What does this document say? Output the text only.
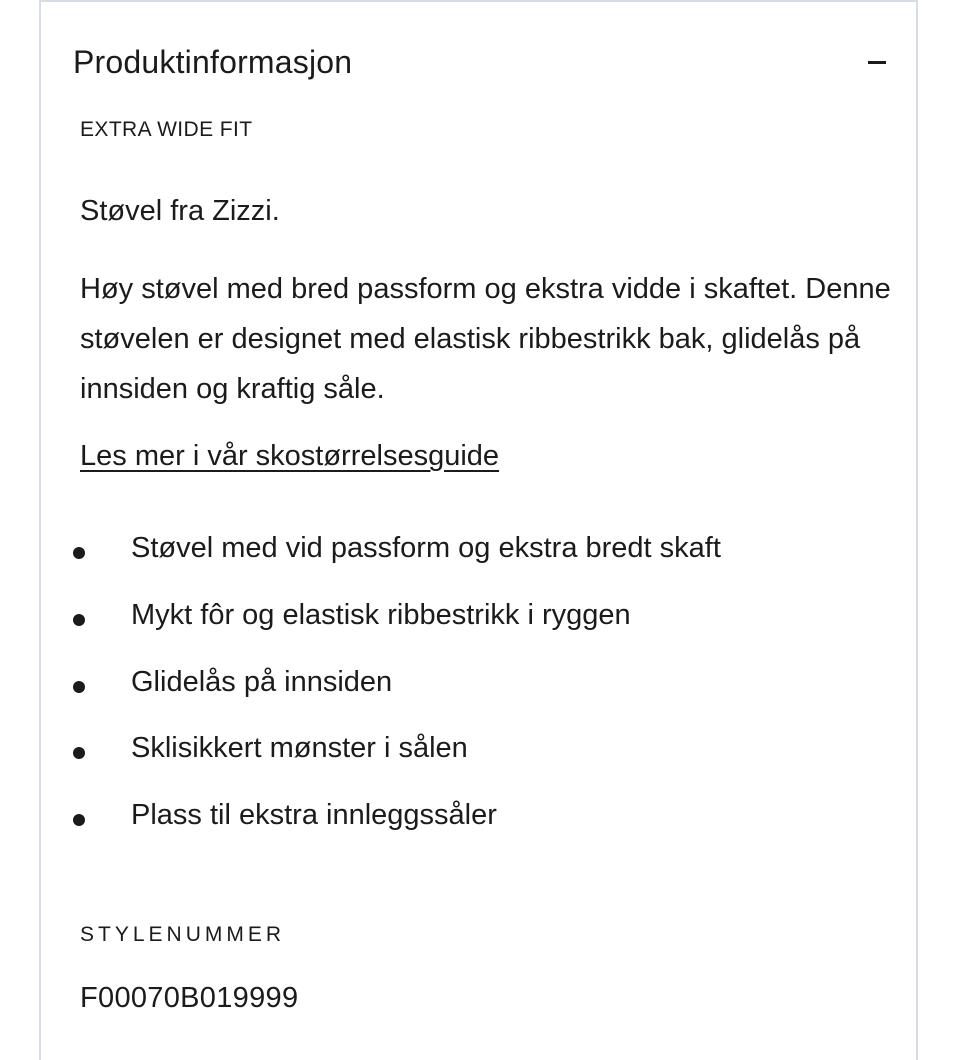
Produktinformasjon
EXTRA WIDE FIT
Støvel fra Zizzi.

Høy støvel med bred passform og ekstra vidde i skaftet. Denne støvelen er designet med elastisk ribbestrikk bak, glidelås på innsiden og kraftig såle.

Les mer i vår skostørrelsesguide
Støvel med vid passform og ekstra bredt skaft
Mykt fôr og elastisk ribbestrikk i ryggen
Glidelås på innsiden
Sklisikkert mønster i sålen
Plass til ekstra innleggssåler
STYLENUMMER
F00070B019999
